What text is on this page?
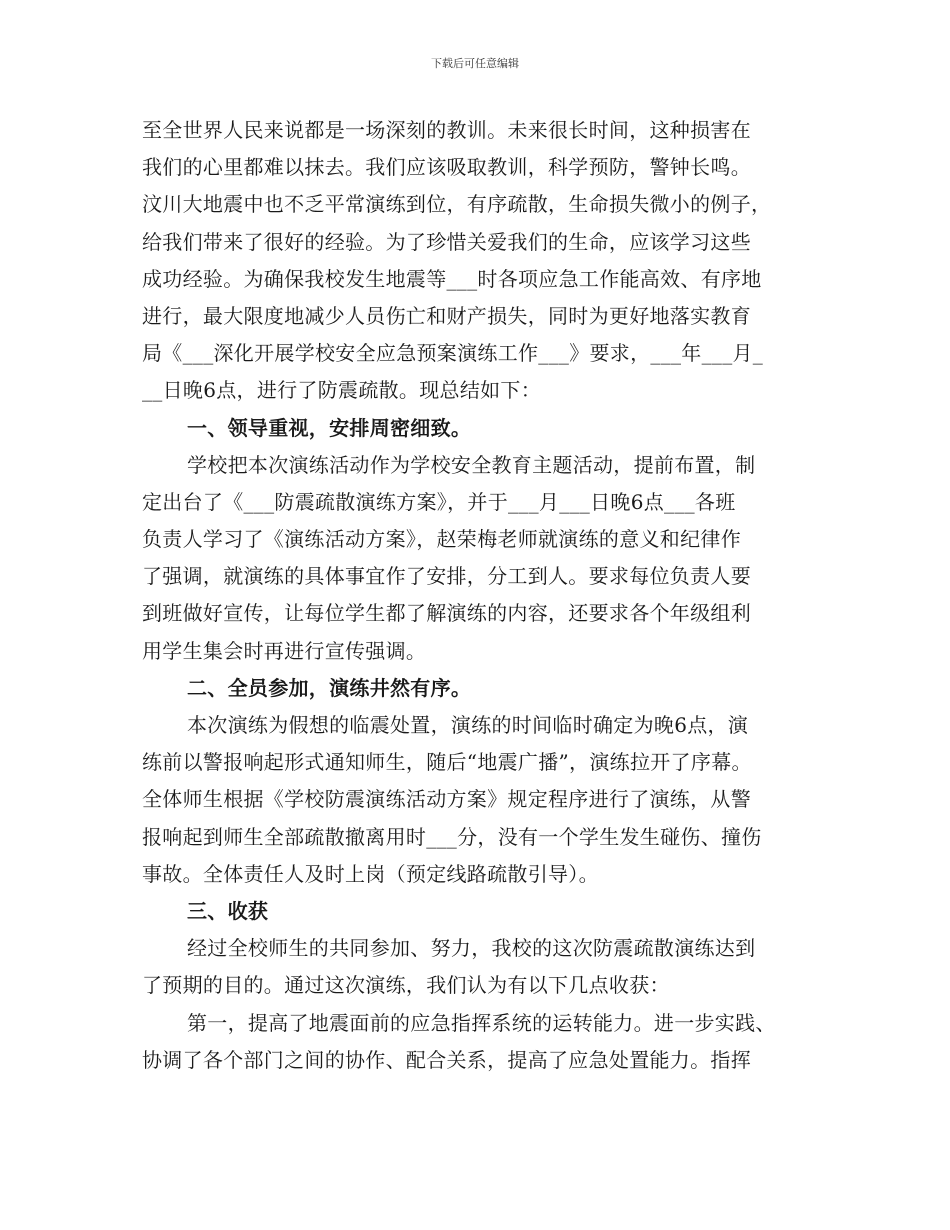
下载后可任意编辑
至全世界人民来说都是一场深刻的教训。未来很长时间，这种损害在
我们的心里都难以抹去。我们应该吸取教训，科学预防，警钟长鸣。
汶川大地震中也不乏平常演练到位，有序疏散，生命损失微小的例子，
给我们带来了很好的经验。为了珍惜关爱我们的生命，应该学习这些
成功经验。为确保我校发生地震等___时各项应急工作能高效、有序地
进行，最大限度地减少人员伤亡和财产损失，同时为更好地落实教育
局《___深化开展学校安全应急预案演练工作___》要求，___年___月_
__日晚6点，进行了防震疏散。现总结如下：
一、领导重视，安排周密细致。
学校把本次演练活动作为学校安全教育主题活动，提前布置，制
定出台了《___防震疏散演练方案》，并于___月___日晚6点___各班
负责人学习了《演练活动方案》，赵荣梅老师就演练的意义和纪律作
了强调，就演练的具体事宜作了安排，分工到人。要求每位负责人要
到班做好宣传，让每位学生都了解演练的内容，还要求各个年级组利
用学生集会时再进行宣传强调。
二、全员参加，演练井然有序。
本次演练为假想的临震处置，演练的时间临时确定为晚6点，演
练前以警报响起形式通知师生，随后“地震广播”，演练拉开了序幕。
全体师生根据《学校防震演练活动方案》规定程序进行了演练，从警
报响起到师生全部疏散撤离用时___分，没有一个学生发生碰伤、撞伤
事故。全体责任人及时上岗（预定线路疏散引导）。
三、收获
经过全校师生的共同参加、努力，我校的这次防震疏散演练达到
了预期的目的。通过这次演练，我们认为有以下几点收获：
第一，提高了地震面前的应急指挥系统的运转能力。进一步实践、
协调了各个部门之间的协作、配合关系，提高了应急处置能力。指挥
